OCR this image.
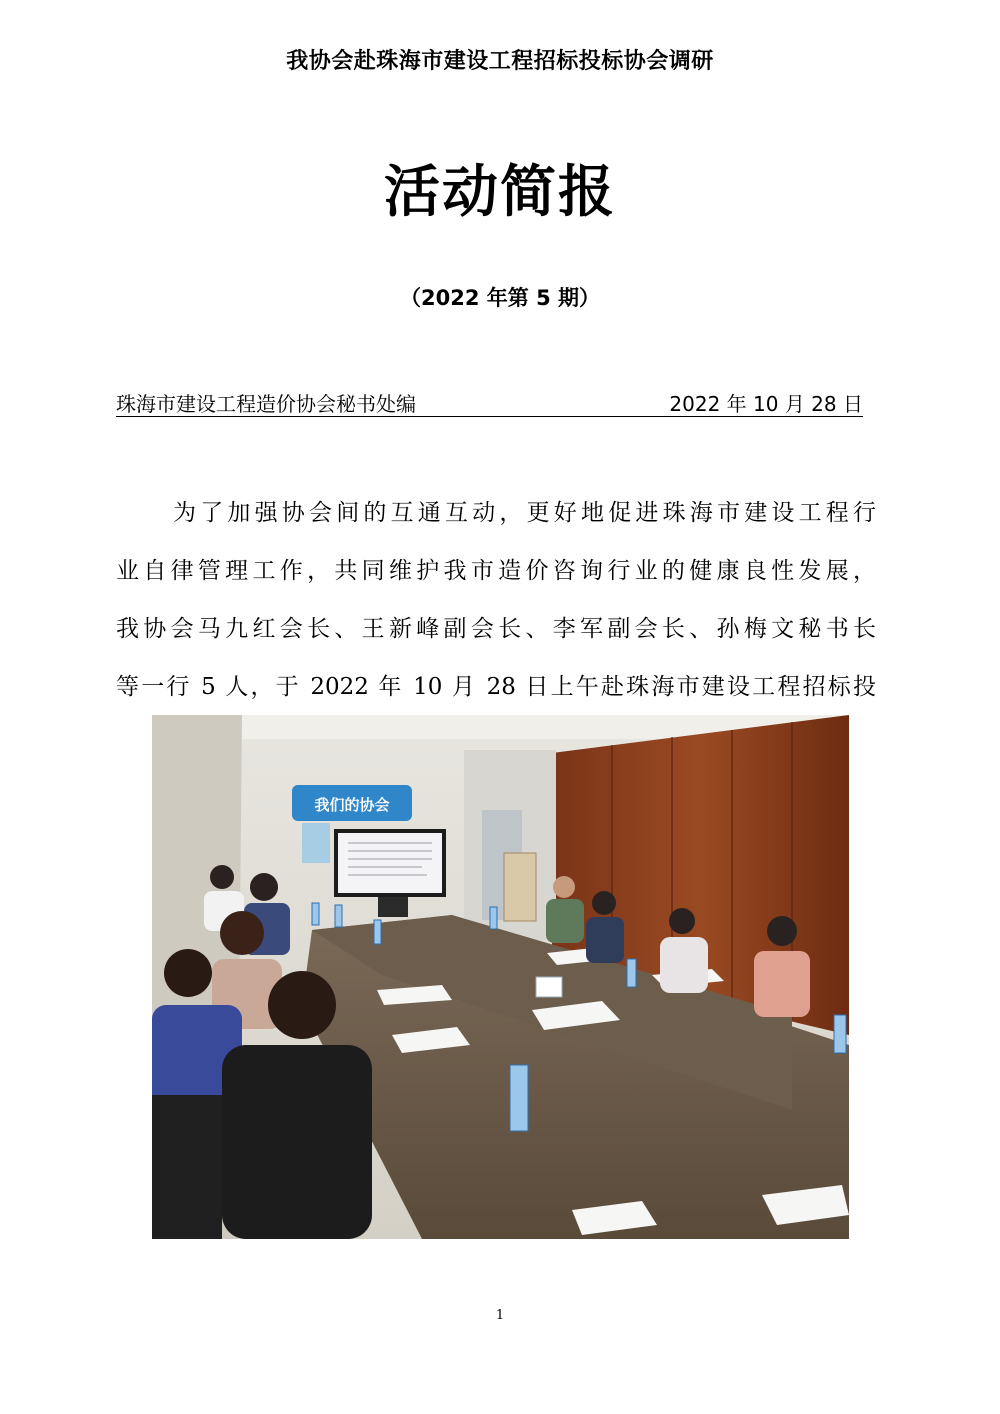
我协会赴珠海市建设工程招标投标协会调研
活动简报
（2022 年第 5 期）
珠海市建设工程造价协会秘书处编	2022 年 10 月 28 日
为了加强协会间的互通互动，更好地促进珠海市建设工程行
业自律管理工作，共同维护我市造价咨询行业的健康良性发展，
我协会马九红会长、王新峰副会长、李军副会长、孙梅文秘书长
等一行 5 人，于 2022 年 10 月 28 日上午赴珠海市建设工程招标投
我们的协会
1
